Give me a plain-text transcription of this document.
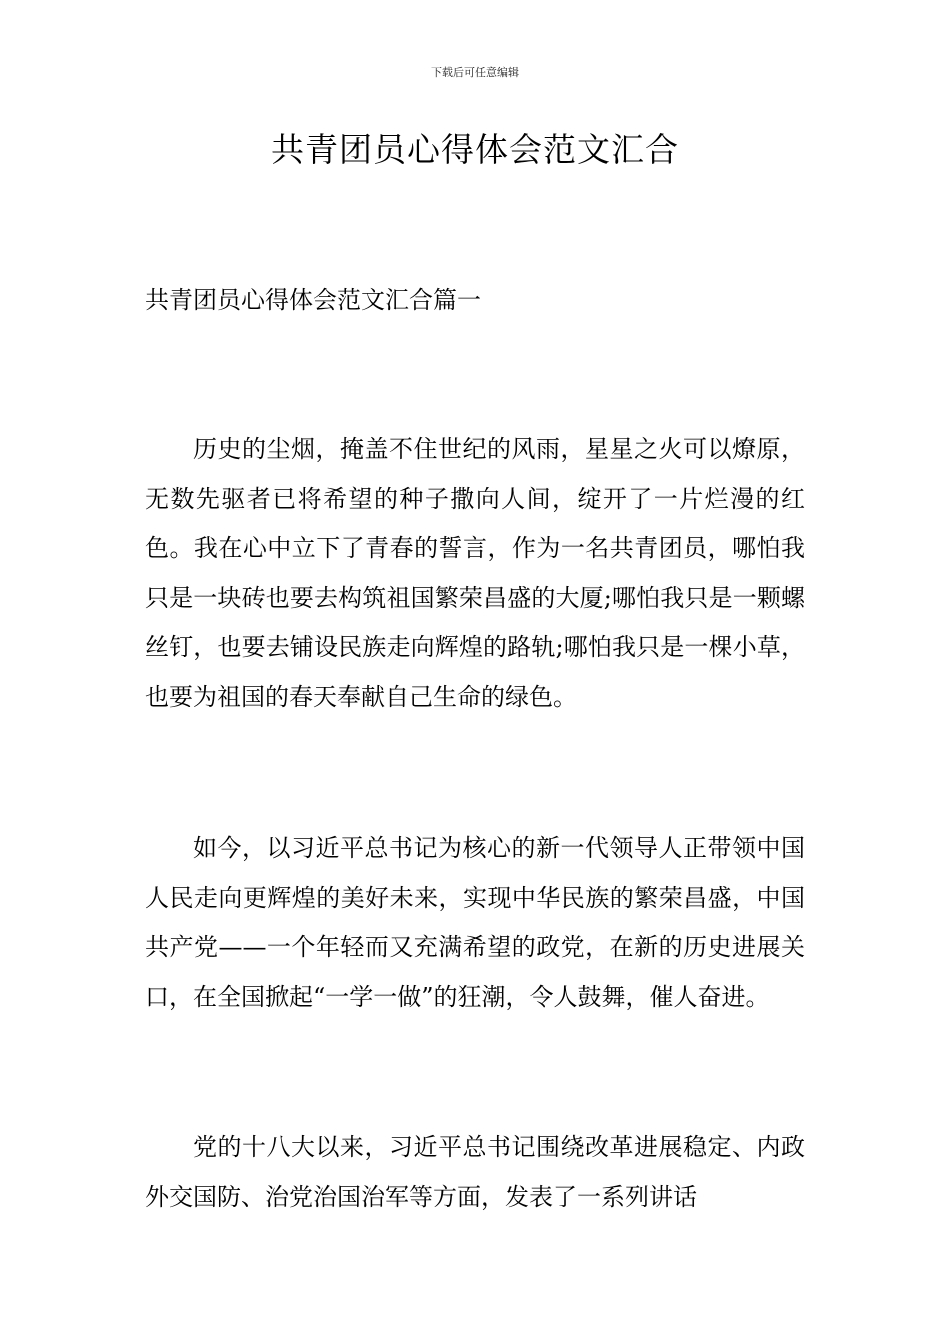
下载后可任意编辑
共青团员心得体会范文汇合
共青团员心得体会范文汇合篇一

历史的尘烟，掩盖不住世纪的风雨，星星之火可以燎原，无数先驱者已将希望的种子撒向人间，绽开了一片烂漫的红色。我在心中立下了青春的誓言，作为一名共青团员，哪怕我只是一块砖也要去构筑祖国繁荣昌盛的大厦;哪怕我只是一颗螺丝钉，也要去铺设民族走向辉煌的路轨;哪怕我只是一棵小草，也要为祖国的春天奉献自己生命的绿色。

如今，以习近平总书记为核心的新一代领导人正带领中国人民走向更辉煌的美好未来，实现中华民族的繁荣昌盛，中国共产党——一个年轻而又充满希望的政党，在新的历史进展关口，在全国掀起“一学一做”的狂潮，令人鼓舞，催人奋进。

党的十八大以来，习近平总书记围绕改革进展稳定、内政外交国防、治党治国治军等方面，发表了一系列讲话
